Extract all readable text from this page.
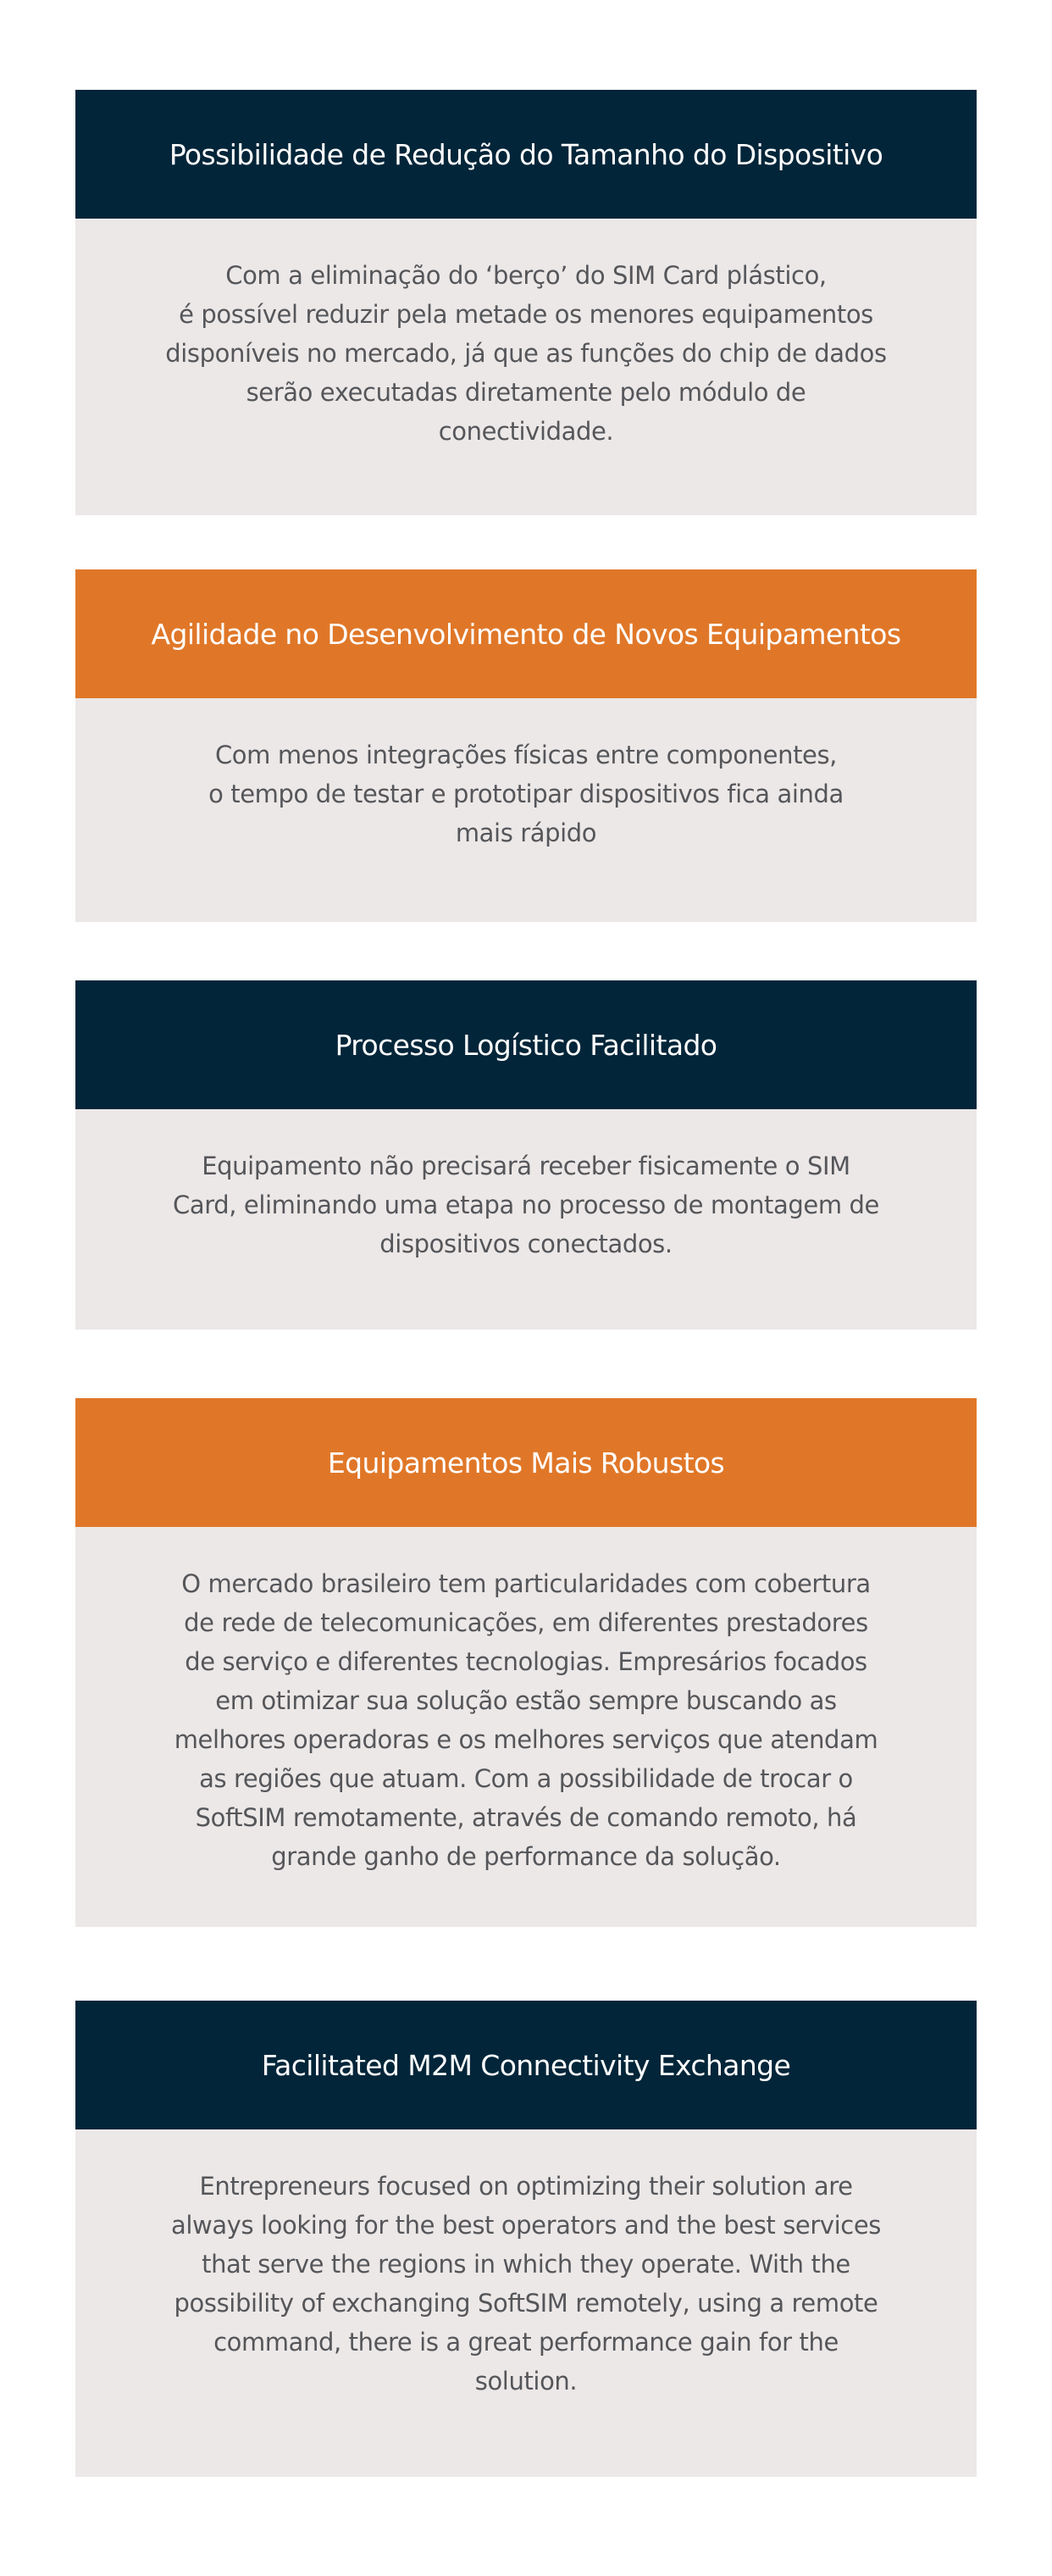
Possibilidade de Redução do Tamanho do Dispositivo

Com a eliminação do ‘berço’ do SIM Card plástico,
é possível reduzir pela metade os menores equipamentos
disponíveis no mercado, já que as funções do chip de dados
serão executadas diretamente pelo módulo de
conectividade.

Agilidade no Desenvolvimento de Novos Equipamentos

Com menos integrações físicas entre componentes,
o tempo de testar e prototipar dispositivos fica ainda
mais rápido

Processo Logístico Facilitado

Equipamento não precisará receber fisicamente o SIM
Card, eliminando uma etapa no processo de montagem de
dispositivos conectados.

Equipamentos Mais Robustos

O mercado brasileiro tem particularidades com cobertura
de rede de telecomunicações, em diferentes prestadores
de serviço e diferentes tecnologias. Empresários focados
em otimizar sua solução estão sempre buscando as
melhores operadoras e os melhores serviços que atendam
as regiões que atuam. Com a possibilidade de trocar o
SoftSIM remotamente, através de comando remoto, há
grande ganho de performance da solução.

Facilitated M2M Connectivity Exchange

Entrepreneurs focused on optimizing their solution are
always looking for the best operators and the best services
that serve the regions in which they operate. With the
possibility of exchanging SoftSIM remotely, using a remote
command, there is a great performance gain for the
solution.
